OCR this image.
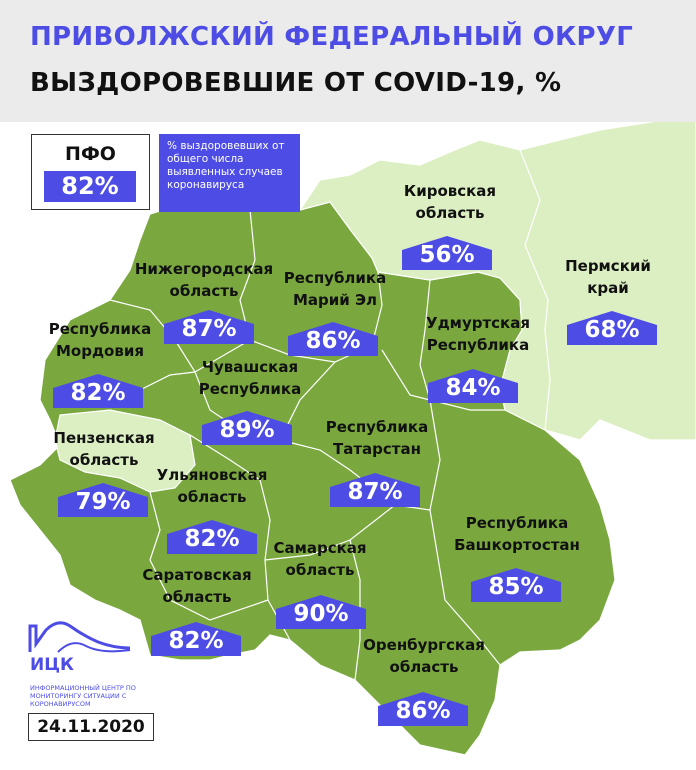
ПРИВОЛЖСКИЙ ФЕДЕРАЛЬНЫЙ ОКРУГ
ВЫЗДОРОВЕВШИЕ ОТ COVID-19, %
ПФО
82%
% выздоровевших от общего числа выявленных случаев коронавируса	Кировская
область
56%	Пермский
край
68%
Нижегородская
область
87%
Республика
Марий Эл
86%
Удмуртская
Республика
84%
Республика
Мордовия
82%
Чувашская
Республика
89%
Пензенская
область
79%
Республика
Татарстан
87%
Ульяновская
область
82%
Республика
Башкортостан
85%
Самарская
область
90%
Саратовская
область
82%	Оренбургская
область
86%
ИЦК
ИНФОРМАЦИОННЫЙ ЦЕНТР ПО МОНИТОРИНГУ СИТУАЦИИ С КОРОНАВИРУСОМ
24.11.2020
